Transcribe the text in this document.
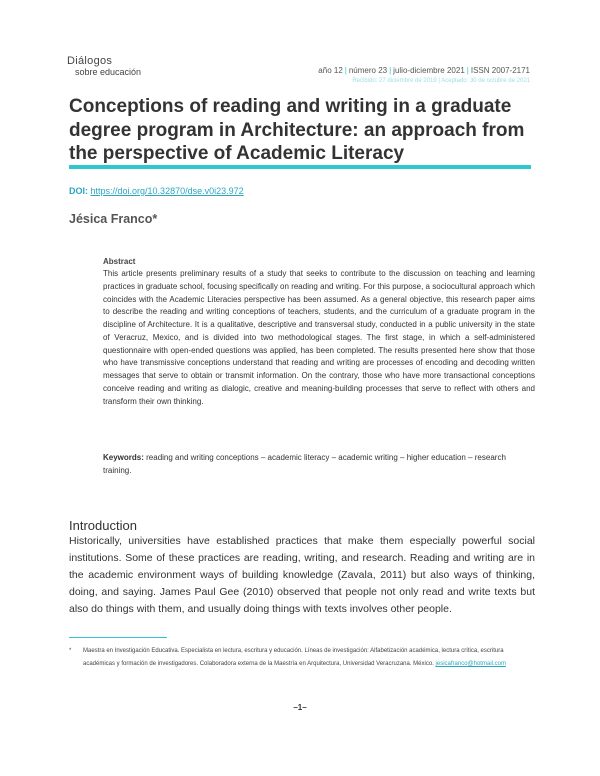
Diálogos
sobre educación	año 12 | número 23 | julio-diciembre 2021 | ISSN 2007-2171
Recibido: 27 diciembre de 2019 | Aceptado: 30 de octubre de 2021
Conceptions of reading and writing in a graduate degree program in Architecture: an approach from the perspective of Academic Literacy
DOI: https://doi.org/10.32870/dse.v0i23.972
Jésica Franco*
Abstract
This article presents preliminary results of a study that seeks to contribute to the discussion on teaching and learning practices in graduate school, focusing specifically on reading and writing. For this purpose, a sociocultural approach which coincides with the Academic Literacies perspective has been assumed. As a general objective, this research paper aims to describe the reading and writing conceptions of teachers, students, and the curriculum of a graduate program in the discipline of Architecture. It is a qualitative, descriptive and transversal study, conducted in a public university in the state of Veracruz, Mexico, and is divided into two methodological stages. The first stage, in which a self-administered questionnaire with open-ended questions was applied, has been completed. The results presented here show that those who have transmissive conceptions understand that reading and writing are processes of encoding and decoding written messages that serve to obtain or transmit information. On the contrary, those who have more transactional conceptions conceive reading and writing as dialogic, creative and meaning-building processes that serve to reflect with others and transform their own thinking.
Keywords: reading and writing conceptions – academic literacy – academic writing – higher education – research training.
Introduction
Historically, universities have established practices that make them especially powerful social institutions. Some of these practices are reading, writing, and research. Reading and writing are in the academic environment ways of building knowledge (Zavala, 2011) but also ways of thinking, doing, and saying. James Paul Gee (2010) observed that people not only read and write texts but also do things with them, and usually doing things with texts involves other people.
* Maestra en Investigación Educativa. Especialista en lectura, escritura y educación. Líneas de investigación: Alfabetización académica, lectura crítica, escritura académicas y formación de investigadores. Colaboradora externa de la Maestría en Arquitectura, Universidad Veracruzana. México. jesicafranco@hotmail.com
–1–
